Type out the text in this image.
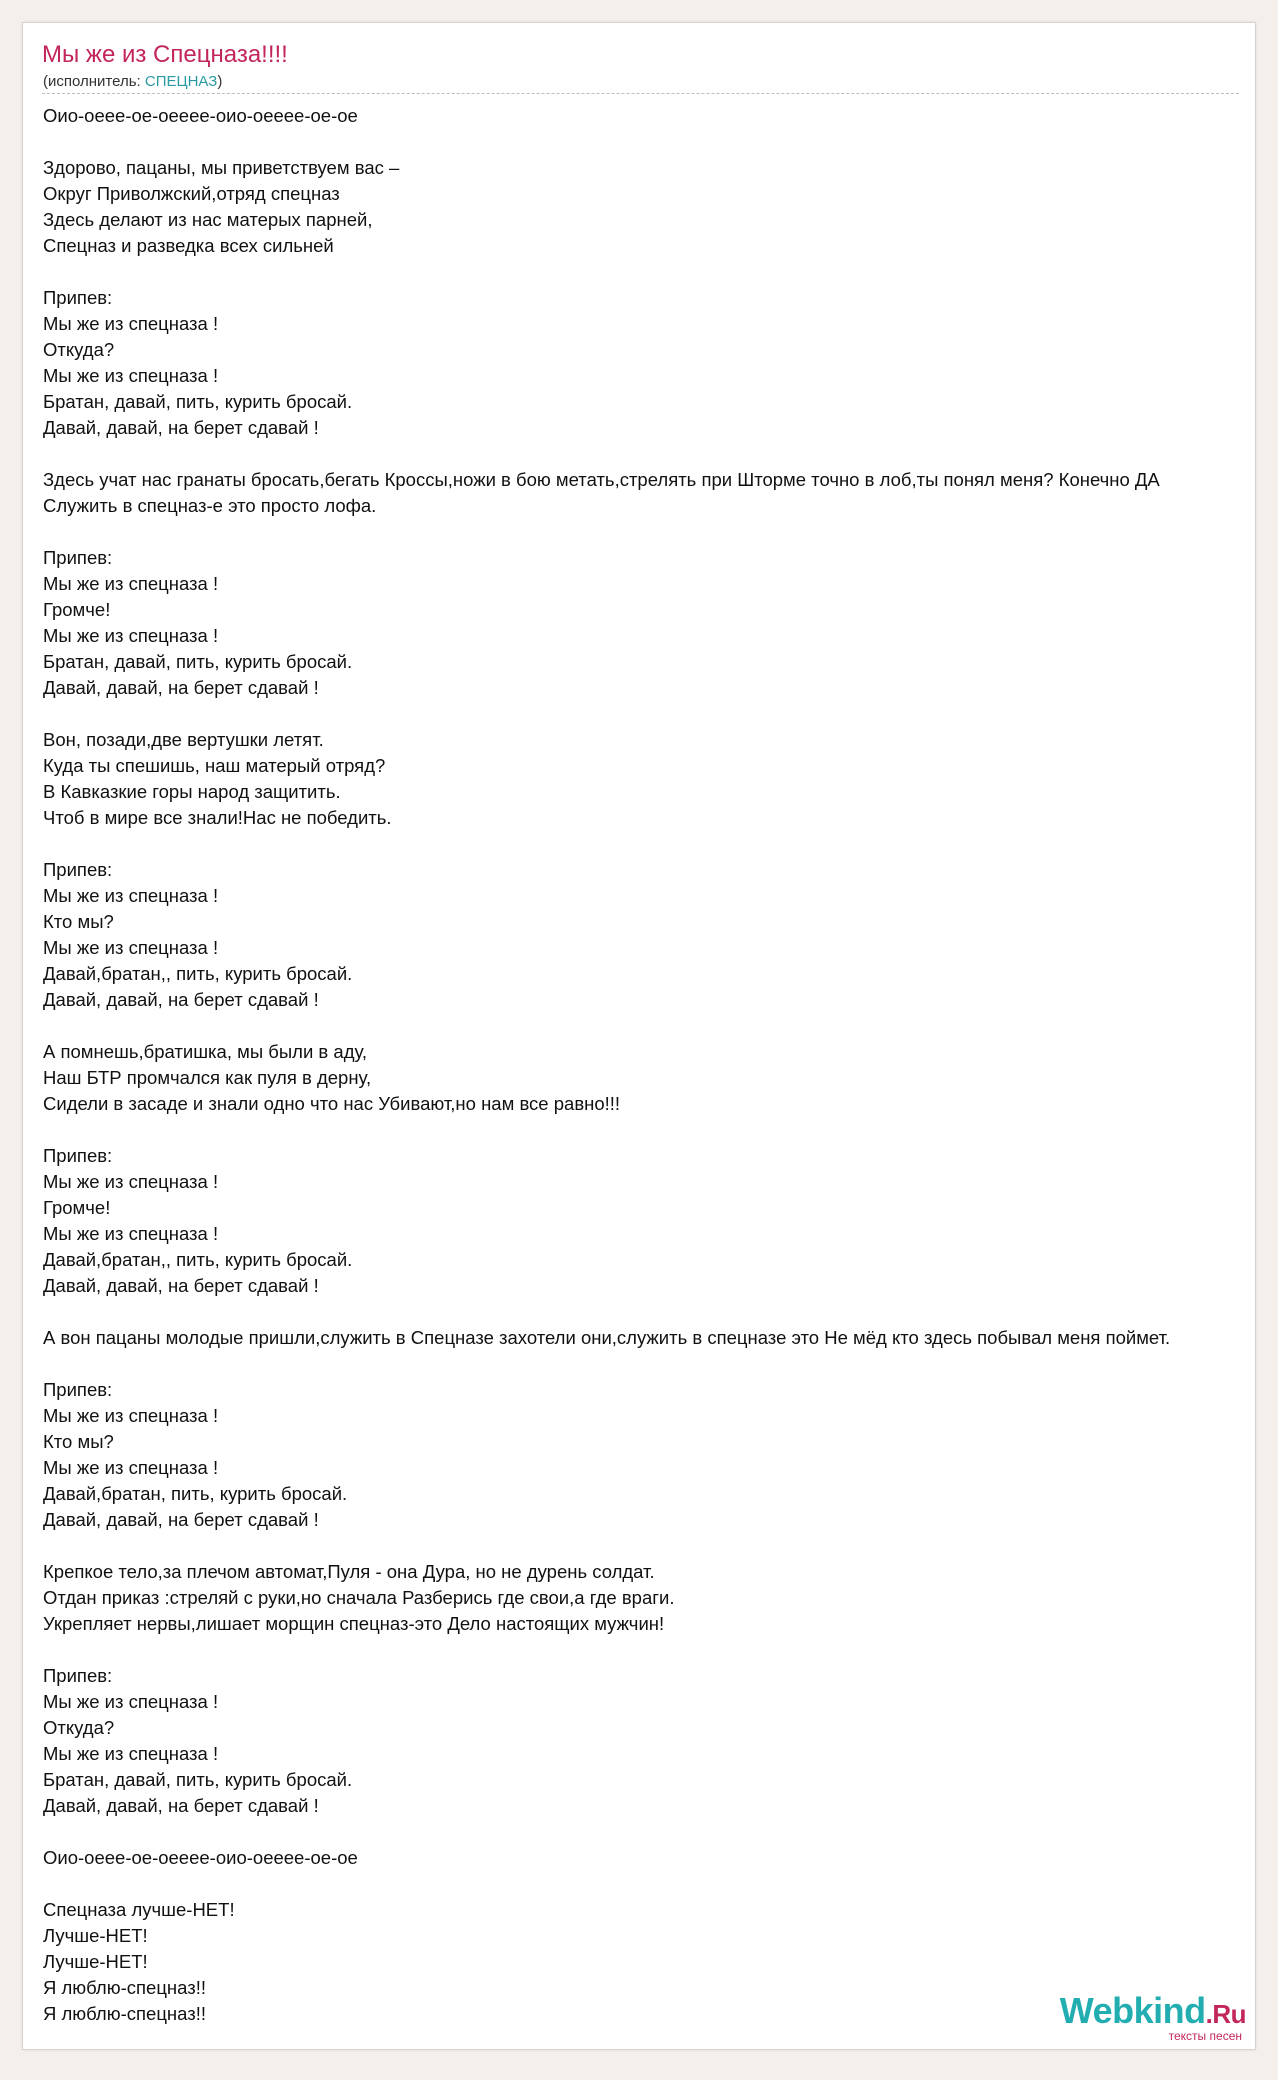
Мы же из Спецназа!!!!
(исполнитель: СПЕЦНАЗ)
Оио-оеее-ое-оееее-оио-оееее-ое-ое
Здорово, пацаны, мы приветствуем вас –
Округ Приволжский,отряд спецназ
Здесь делают из нас матерых парней,
Спецназ и разведка всех сильней
Припев:
Мы же из спецназа !
Откуда?
Мы же из спецназа !
Братан, давай, пить, курить бросай.
Давай, давай, на берет сдавай !
Здесь учат нас гранаты бросать,бегать Кроссы,ножи в бою метать,стрелять при Шторме точно в лоб,ты понял меня? Конечно ДА
Служить в спецназ-е это просто лофа.
Припев:
Мы же из спецназа !
Громче!
Мы же из спецназа !
Братан, давай, пить, курить бросай.
Давай, давай, на берет сдавай !
Вон, позади,две вертушки летят.
Куда ты спешишь, наш матерый отряд?
В Кавказкие горы народ защитить.
Чтоб в мире все знали!Нас не победить.
Припев:
Мы же из спецназа !
Кто мы?
Мы же из спецназа !
Давай,братан,, пить, курить бросай.
Давай, давай, на берет сдавай !
А помнешь,братишка, мы были в аду,
Наш БТР промчался как пуля в дерну,
Сидели в засаде и знали одно что нас Убивают,но нам все равно!!!
Припев:
Мы же из спецназа !
Громче!
Мы же из спецназа !
Давай,братан,, пить, курить бросай.
Давай, давай, на берет сдавай !
А вон пацаны молодые пришли,служить в Спецназе захотели они,служить в спецназе это Не мёд кто здесь побывал меня поймет.
Припев:
Мы же из спецназа !
Кто мы?
Мы же из спецназа !
Давай,братан, пить, курить бросай.
Давай, давай, на берет сдавай !
Крепкое тело,за плечом автомат,Пуля - она Дура, но не дурень солдат.
Отдан приказ :стреляй с руки,но сначала Разберись где свои,а где враги.
Укрепляет нервы,лишает морщин спецназ-это Дело настоящих мужчин!
Припев:
Мы же из спецназа !
Откуда?
Мы же из спецназа !
Братан, давай, пить, курить бросай.
Давай, давай, на берет сдавай !
Оио-оеее-ое-оееее-оио-оееее-ое-ое
Спецназа лучше-НЕТ!
Лучше-НЕТ!
Лучше-НЕТ!
Я люблю-спецназ!!
Я люблю-спецназ!!	Webkind.Ru
тексты песен
